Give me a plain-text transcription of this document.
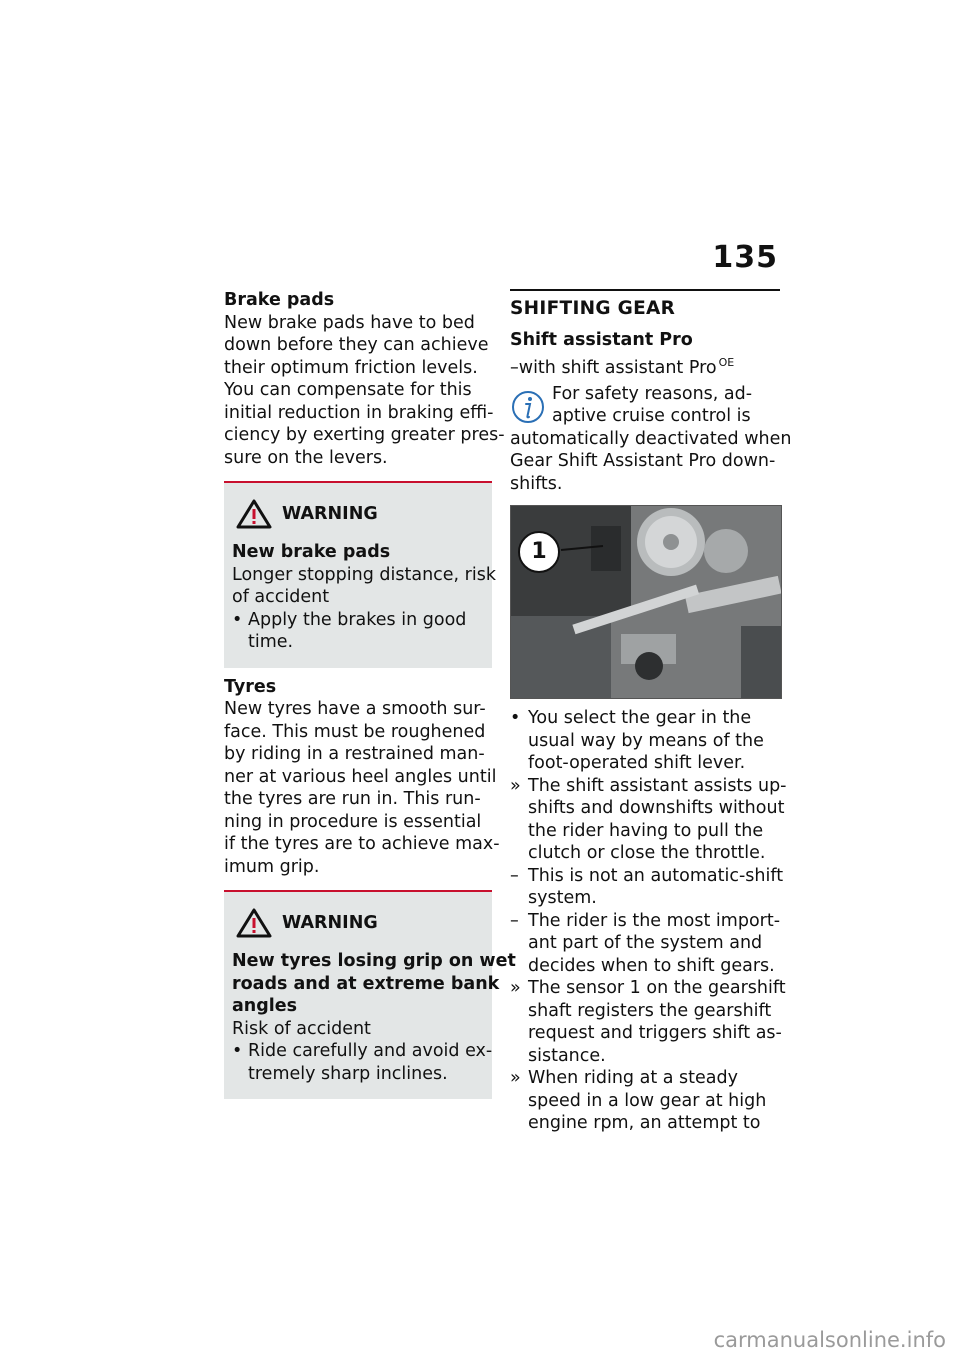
135
Brake pads
New brake pads have to bed
down before they can achieve
their optimum friction levels.
You can compensate for this
initial reduction in braking effi-
ciency by exerting greater pres-
sure on the levers.
WARNING
New brake pads
Longer stopping distance, risk
of accident
• Apply the brakes in good
time.
Tyres
New tyres have a smooth sur-
face. This must be roughened
by riding in a restrained man-
ner at various heel angles until
the tyres are run in. This run-
ning in procedure is essential
if the tyres are to achieve max-
imum grip.
WARNING
New tyres losing grip on wet
roads and at extreme bank
angles
Risk of accident
• Ride carefully and avoid ex-
tremely sharp inclines.
SHIFTING GEAR
Shift assistant Pro
–with shift assistant Pro $^{OE}$
For safety reasons, ad-
aptive cruise control is
automatically deactivated when
Gear Shift Assistant Pro down-
shifts.
1
• You select the gear in the
usual way by means of the
foot-operated shift lever.
» The shift assistant assists up-
shifts and downshifts without
the rider having to pull the
clutch or close the throttle.
– This is not an automatic-shift
system.
– The rider is the most import-
ant part of the system and
decides when to shift gears.
» The sensor 1 on the gearshift
shaft registers the gearshift
request and triggers shift as-
sistance.
» When riding at a steady
speed in a low gear at high
engine rpm, an attempt to
carmanualsonline.info
